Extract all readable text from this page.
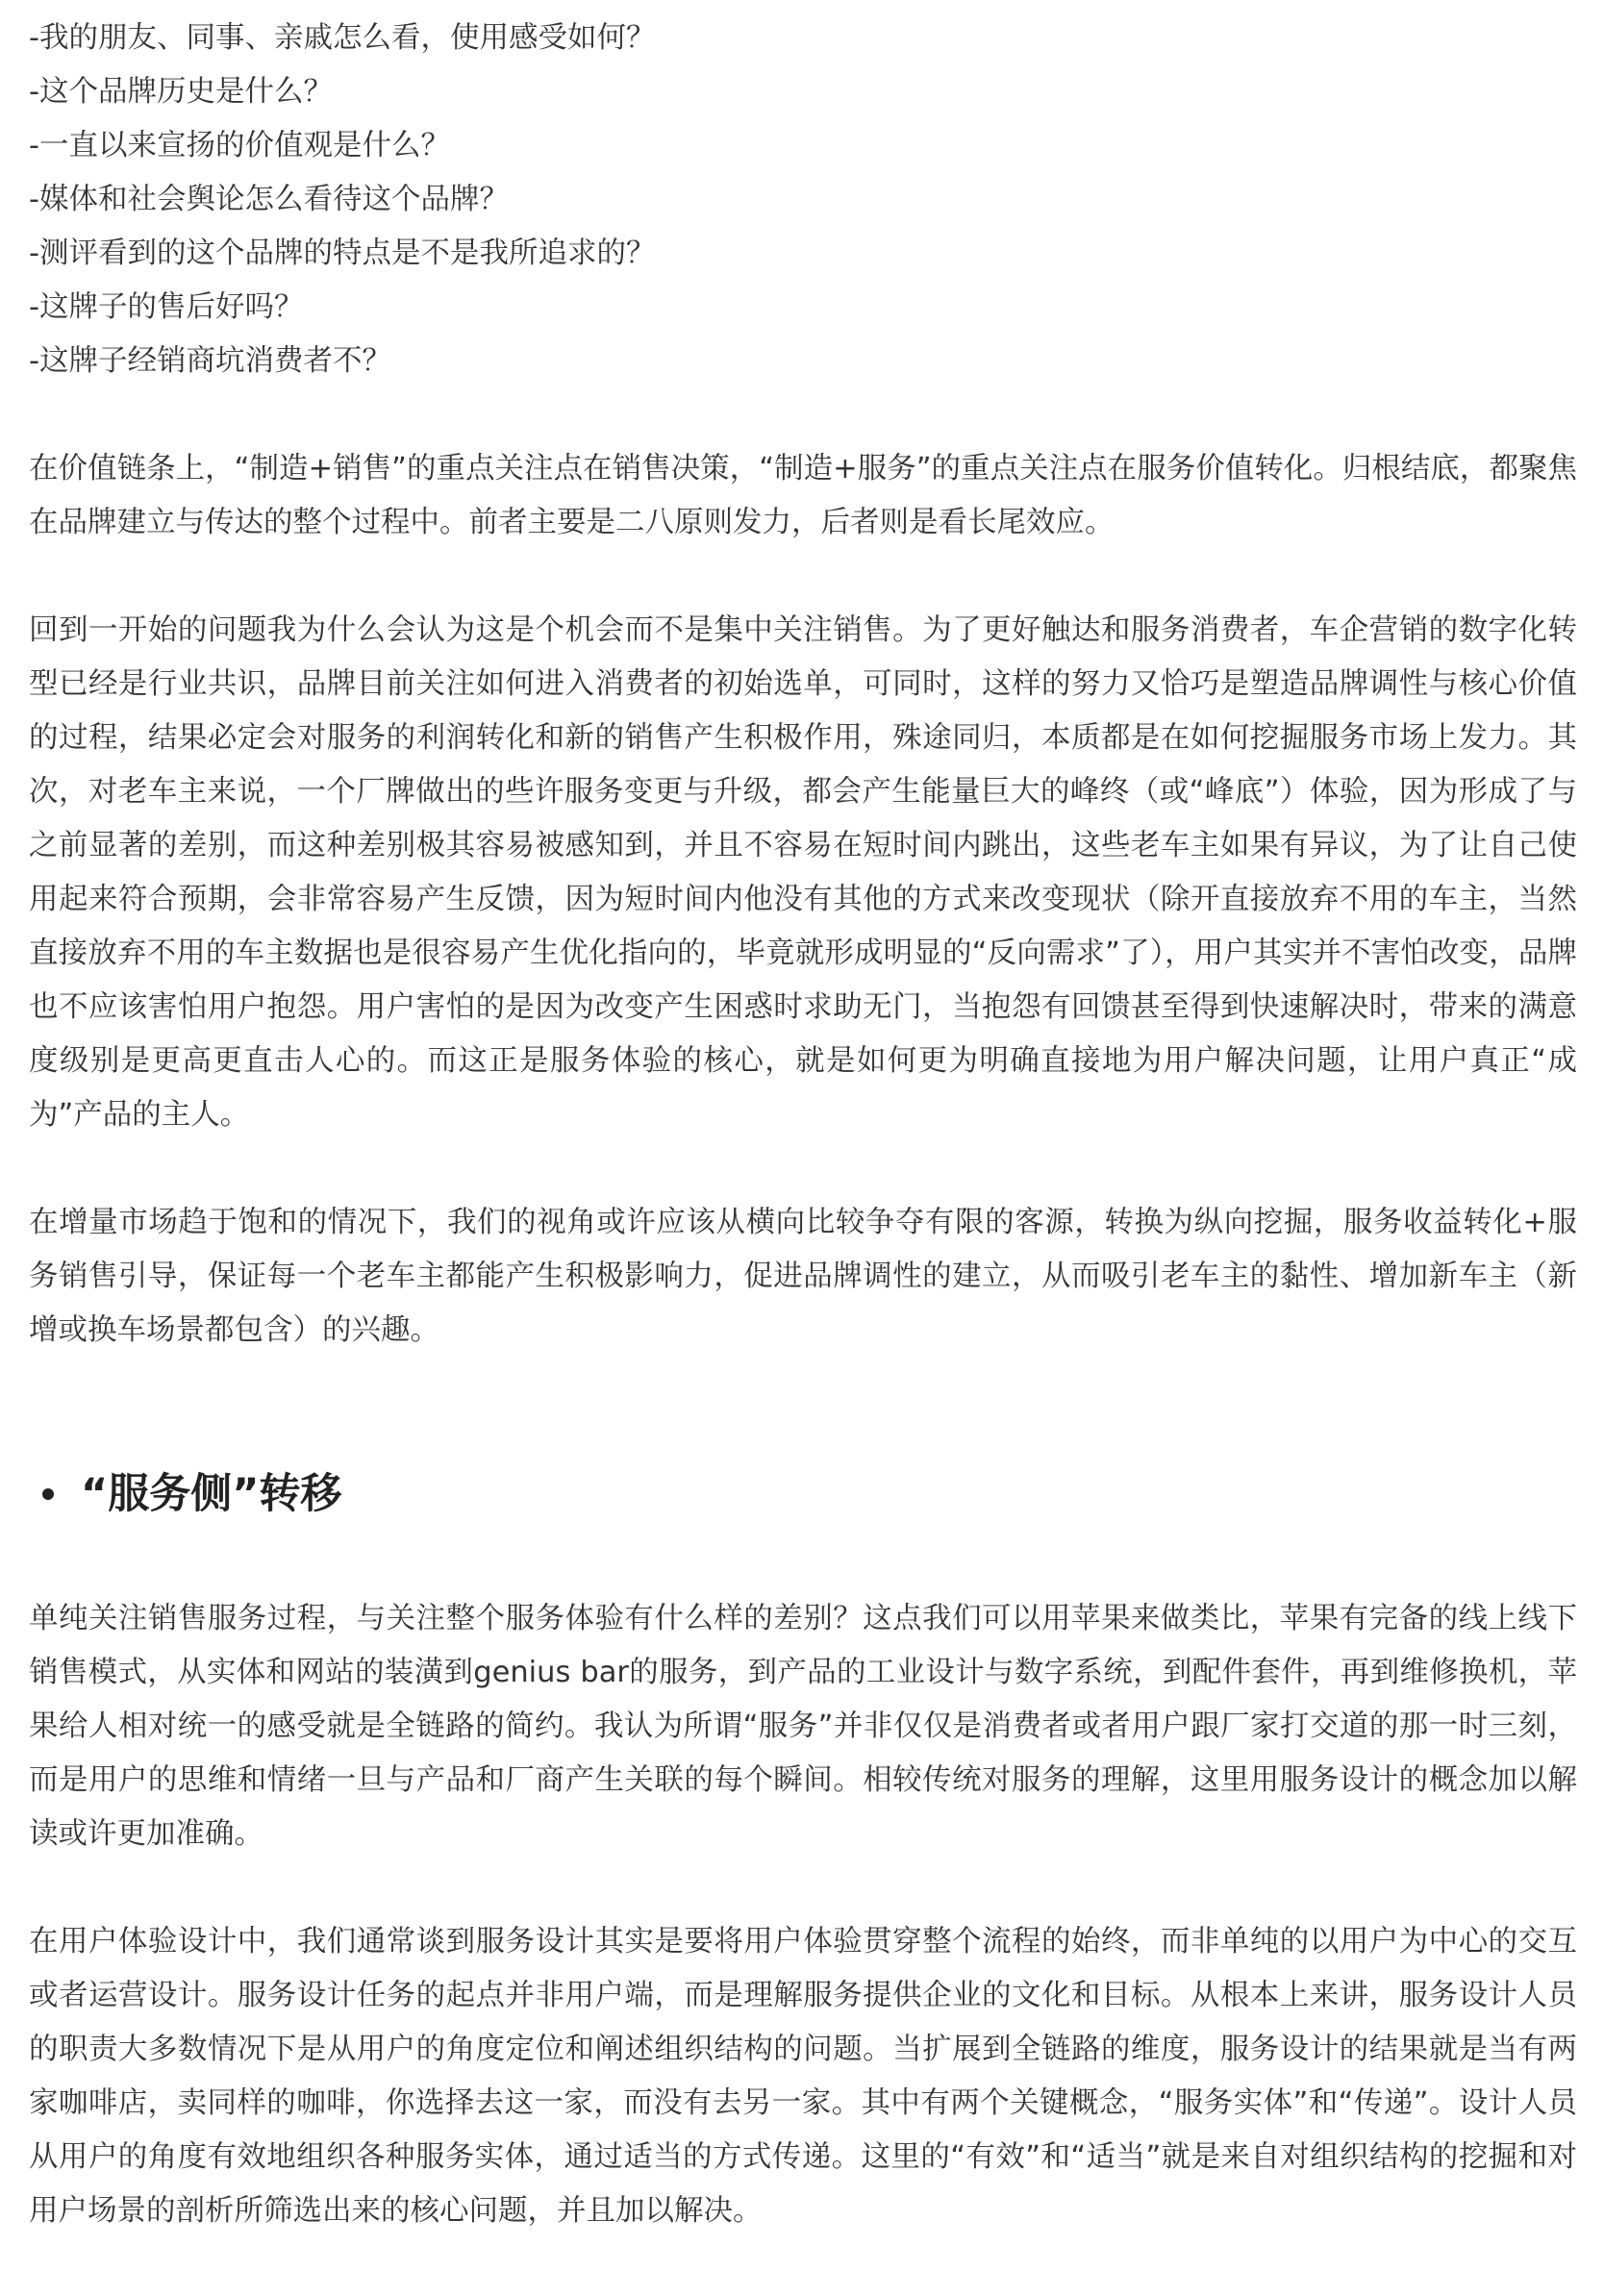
-我的朋友、同事、亲戚怎么看，使用感受如何？

-这个品牌历史是什么？

-一直以来宣扬的价值观是什么？

-媒体和社会舆论怎么看待这个品牌？

-测评看到的这个品牌的特点是不是我所追求的？

-这牌子的售后好吗？

-这牌子经销商坑消费者不？

在价值链条上，“制造+销售”的重点关注点在销售决策，“制造+服务”的重点关注点在服务价值转化。归根结底，都聚焦在品牌建立与传达的整个过程中。前者主要是二八原则发力，后者则是看长尾效应。

回到一开始的问题我为什么会认为这是个机会而不是集中关注销售。为了更好触达和服务消费者，车企营销的数字化转型已经是行业共识，品牌目前关注如何进入消费者的初始选单，可同时，这样的努力又恰巧是塑造品牌调性与核心价值的过程，结果必定会对服务的利润转化和新的销售产生积极作用，殊途同归，本质都是在如何挖掘服务市场上发力。其次，对老车主来说，一个厂牌做出的些许服务变更与升级，都会产生能量巨大的峰终（或“峰底”）体验，因为形成了与之前显著的差别，而这种差别极其容易被感知到，并且不容易在短时间内跳出，这些老车主如果有异议，为了让自己使用起来符合预期，会非常容易产生反馈，因为短时间内他没有其他的方式来改变现状（除开直接放弃不用的车主，当然直接放弃不用的车主数据也是很容易产生优化指向的，毕竟就形成明显的“反向需求”了），用户其实并不害怕改变，品牌也不应该害怕用户抱怨。用户害怕的是因为改变产生困惑时求助无门，当抱怨有回馈甚至得到快速解决时，带来的满意度级别是更高更直击人心的。而这正是服务体验的核心，就是如何更为明确直接地为用户解决问题，让用户真正“成为”产品的主人。

在增量市场趋于饱和的情况下，我们的视角或许应该从横向比较争夺有限的客源，转换为纵向挖掘，服务收益转化+服务销售引导，保证每一个老车主都能产生积极影响力，促进品牌调性的建立，从而吸引老车主的黏性、增加新车主（新增或换车场景都包含）的兴趣。

“服务侧”转移

单纯关注销售服务过程，与关注整个服务体验有什么样的差别？这点我们可以用苹果来做类比，苹果有完备的线上线下销售模式，从实体和网站的装潢到genius bar的服务，到产品的工业设计与数字系统，到配件套件，再到维修换机，苹果给人相对统一的感受就是全链路的简约。我认为所谓“服务”并非仅仅是消费者或者用户跟厂家打交道的那一时三刻，而是用户的思维和情绪一旦与产品和厂商产生关联的每个瞬间。相较传统对服务的理解，这里用服务设计的概念加以解读或许更加准确。

在用户体验设计中，我们通常谈到服务设计其实是要将用户体验贯穿整个流程的始终，而非单纯的以用户为中心的交互或者运营设计。服务设计任务的起点并非用户端，而是理解服务提供企业的文化和目标。从根本上来讲，服务设计人员的职责大多数情况下是从用户的角度定位和阐述组织结构的问题。当扩展到全链路的维度，服务设计的结果就是当有两家咖啡店，卖同样的咖啡，你选择去这一家，而没有去另一家。其中有两个关键概念，“服务实体”和“传递”。设计人员从用户的角度有效地组织各种服务实体，通过适当的方式传递。这里的“有效”和“适当”就是来自对组织结构的挖掘和对用户场景的剖析所筛选出来的核心问题，并且加以解决。
